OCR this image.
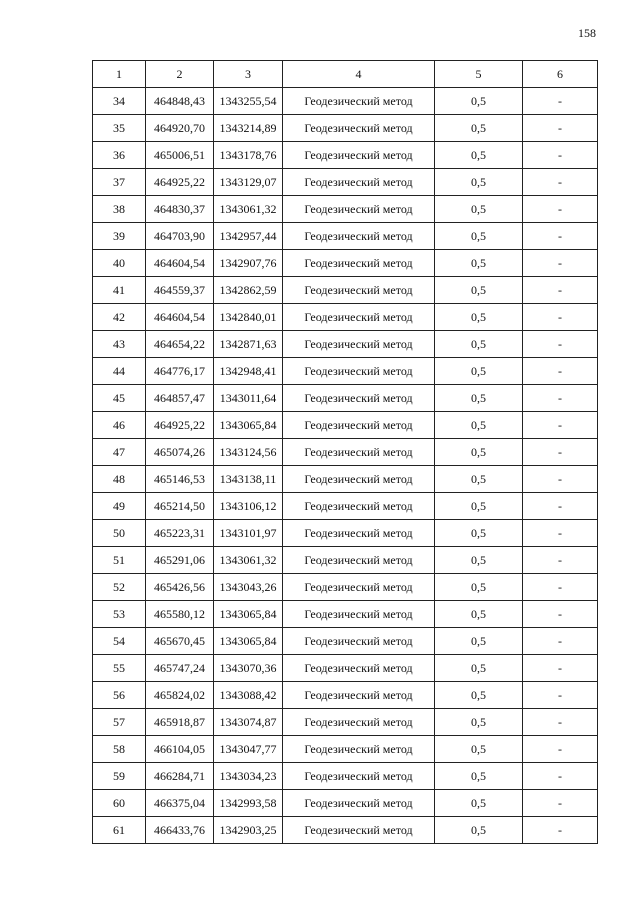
158
1	2	3	4	5	6
34	464848,43	1343255,54	Геодезический метод	0,5	-
35	464920,70	1343214,89	Геодезический метод	0,5	-
36	465006,51	1343178,76	Геодезический метод	0,5	-
37	464925,22	1343129,07	Геодезический метод	0,5	-
38	464830,37	1343061,32	Геодезический метод	0,5	-
39	464703,90	1342957,44	Геодезический метод	0,5	-
40	464604,54	1342907,76	Геодезический метод	0,5	-
41	464559,37	1342862,59	Геодезический метод	0,5	-
42	464604,54	1342840,01	Геодезический метод	0,5	-
43	464654,22	1342871,63	Геодезический метод	0,5	-
44	464776,17	1342948,41	Геодезический метод	0,5	-
45	464857,47	1343011,64	Геодезический метод	0,5	-
46	464925,22	1343065,84	Геодезический метод	0,5	-
47	465074,26	1343124,56	Геодезический метод	0,5	-
48	465146,53	1343138,11	Геодезический метод	0,5	-
49	465214,50	1343106,12	Геодезический метод	0,5	-
50	465223,31	1343101,97	Геодезический метод	0,5	-
51	465291,06	1343061,32	Геодезический метод	0,5	-
52	465426,56	1343043,26	Геодезический метод	0,5	-
53	465580,12	1343065,84	Геодезический метод	0,5	-
54	465670,45	1343065,84	Геодезический метод	0,5	-
55	465747,24	1343070,36	Геодезический метод	0,5	-
56	465824,02	1343088,42	Геодезический метод	0,5	-
57	465918,87	1343074,87	Геодезический метод	0,5	-
58	466104,05	1343047,77	Геодезический метод	0,5	-
59	466284,71	1343034,23	Геодезический метод	0,5	-
60	466375,04	1342993,58	Геодезический метод	0,5	-
61	466433,76	1342903,25	Геодезический метод	0,5	-
